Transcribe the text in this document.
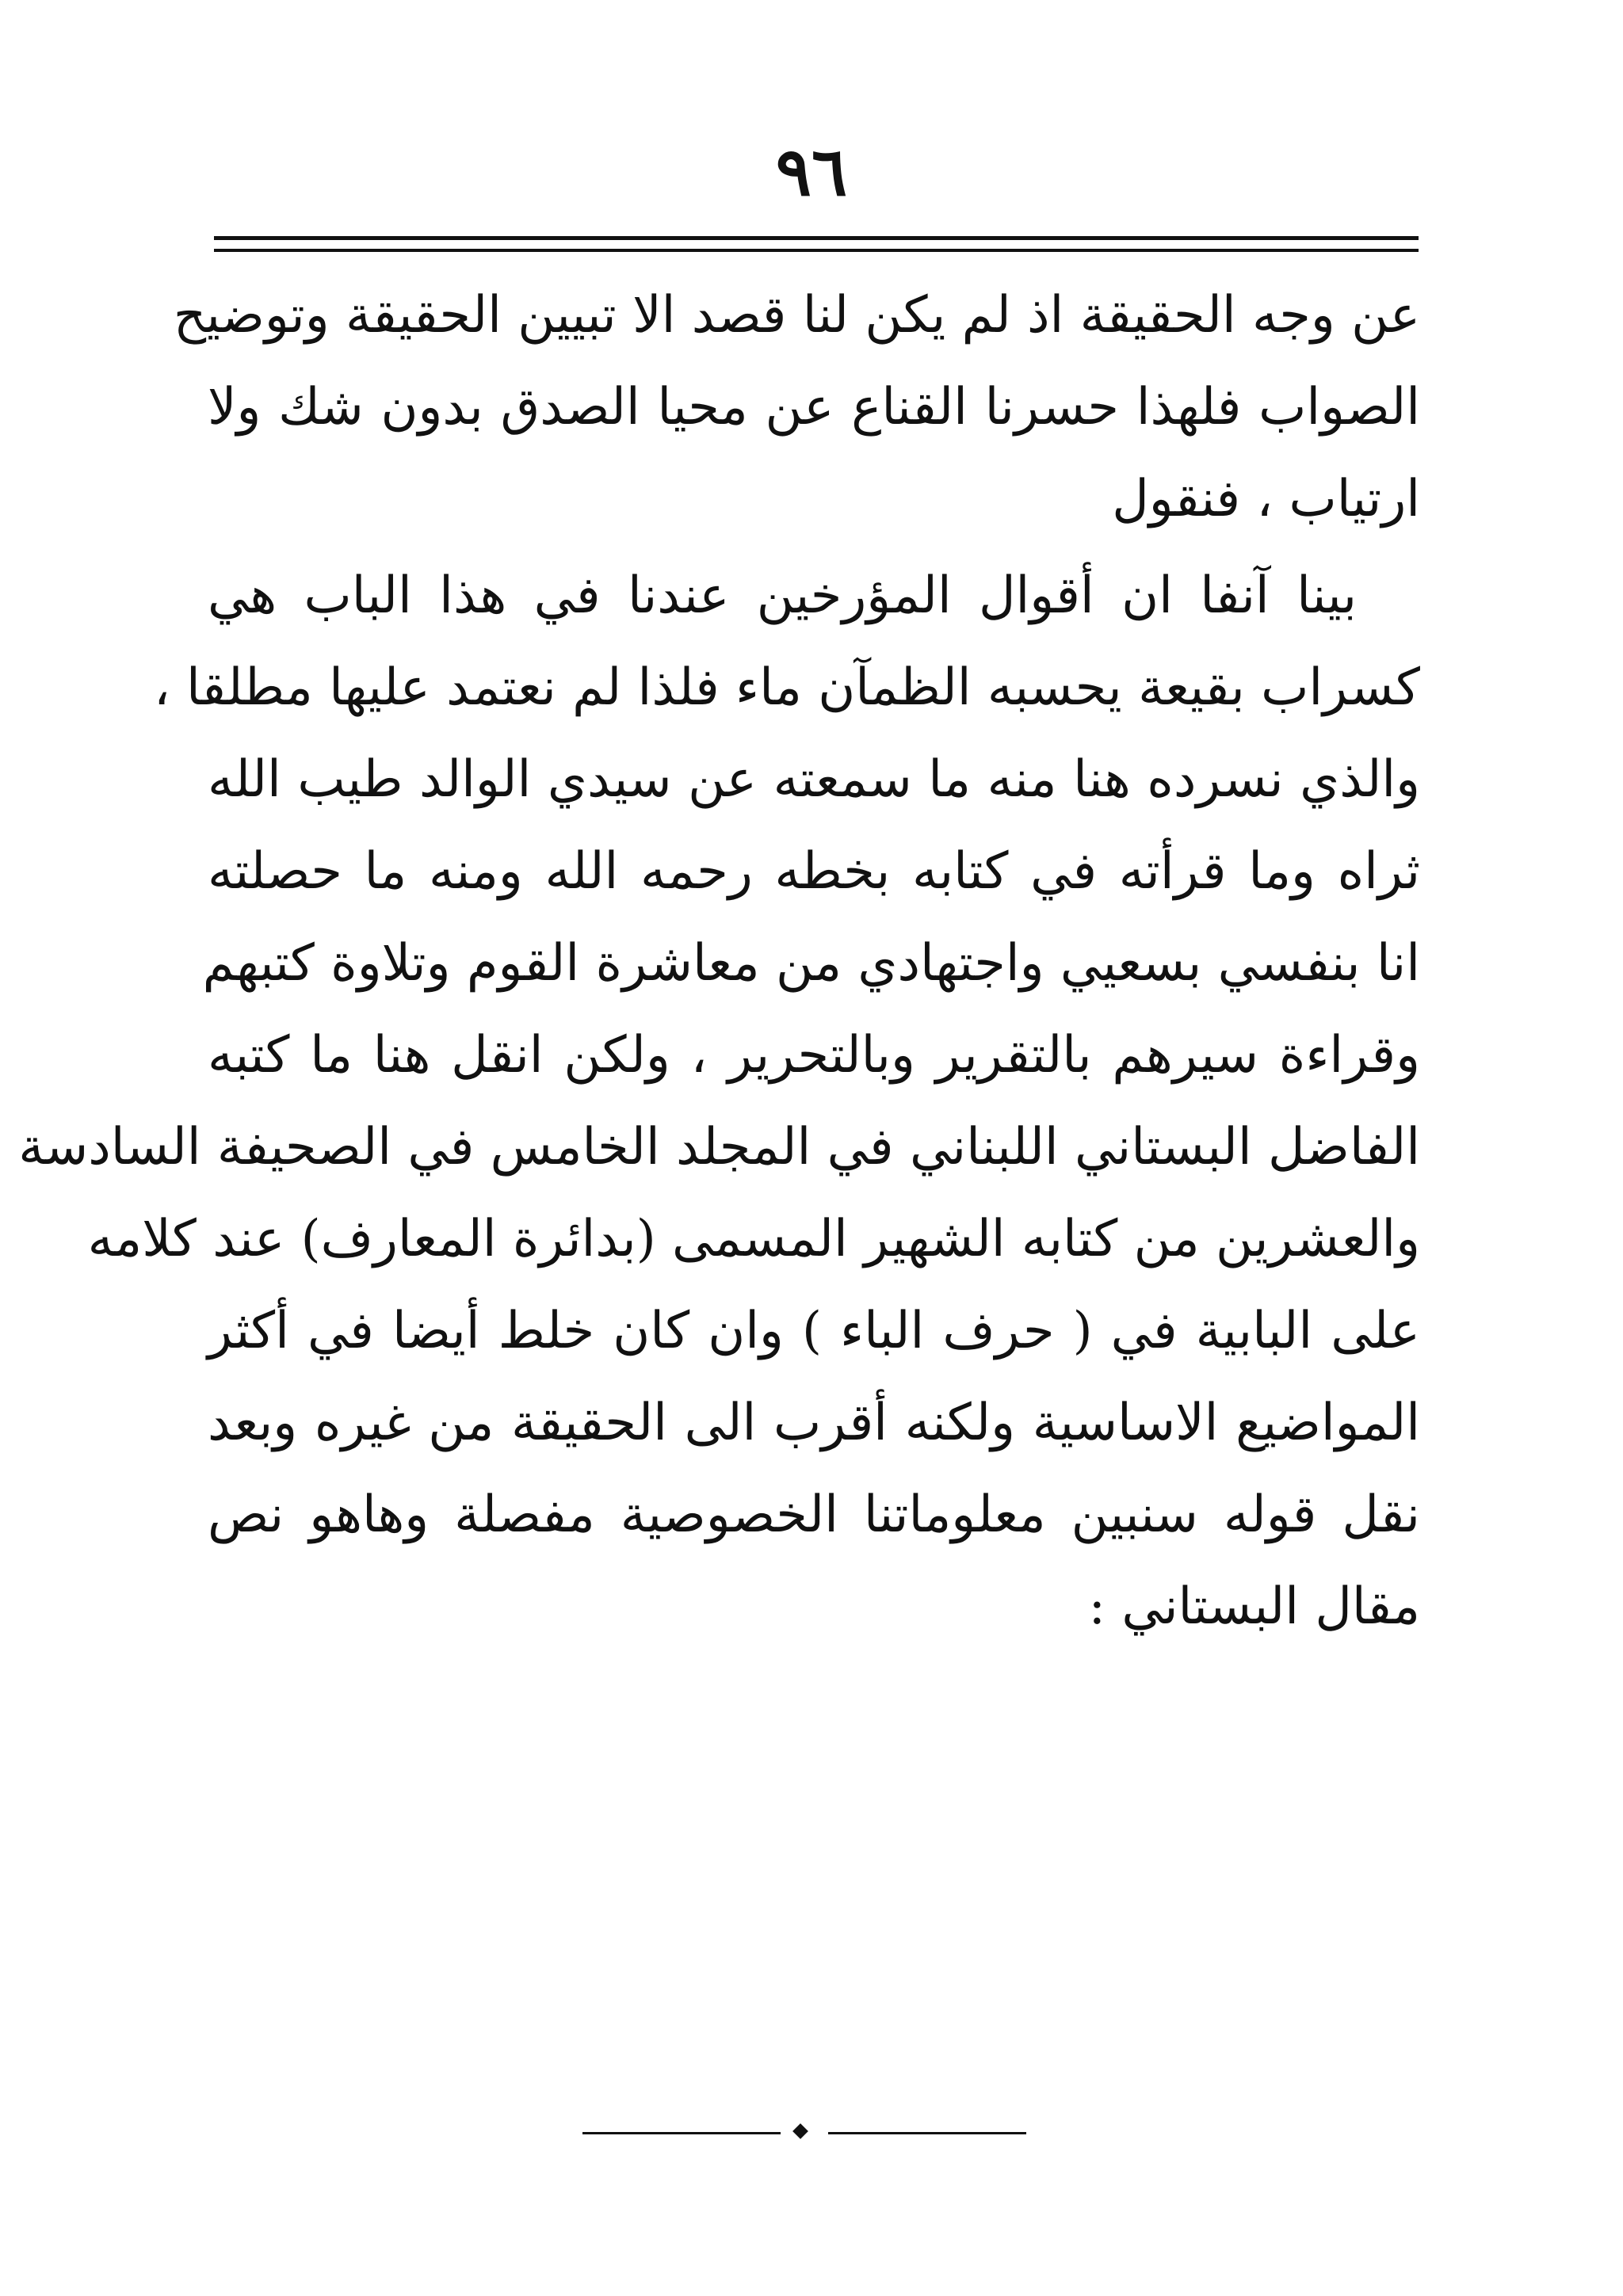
٩٦
عن وجه الحقيقة اذ لم يكن لنا قصد الا تبيين الحقيقة وتوضيح
الصواب فلهذا حسرنا القناع عن محيا الصدق بدون شك ولا
ارتياب ، فنقول
بينا آنفا ان أقوال المؤرخين عندنا في هذا الباب هي
كسراب بقيعة يحسبه الظمآن ماء فلذا لم نعتمد عليها مطلقا ،
والذي نسرده هنا منه ما سمعته عن سيدي الوالد طيب الله
ثراه وما قرأته في كتابه بخطه رحمه الله ومنه ما حصلته
انا بنفسي بسعيي واجتهادي من معاشرة القوم وتلاوة كتبهم
وقراءة سيرهم بالتقرير وبالتحرير ، ولكن انقل هنا ما كتبه
الفاضل البستاني اللبناني في المجلد الخامس في الصحيفة السادسة
والعشرين من كتابه الشهير المسمى (بدائرة المعارف) عند كلامه
على البابية في ( حرف الباء ) وان كان خلط أيضا في أكثر
المواضيع الاساسية ولكنه أقرب الى الحقيقة من غيره وبعد
نقل قوله سنبين معلوماتنا الخصوصية مفصلة وهاهو نص
مقال البستاني :
